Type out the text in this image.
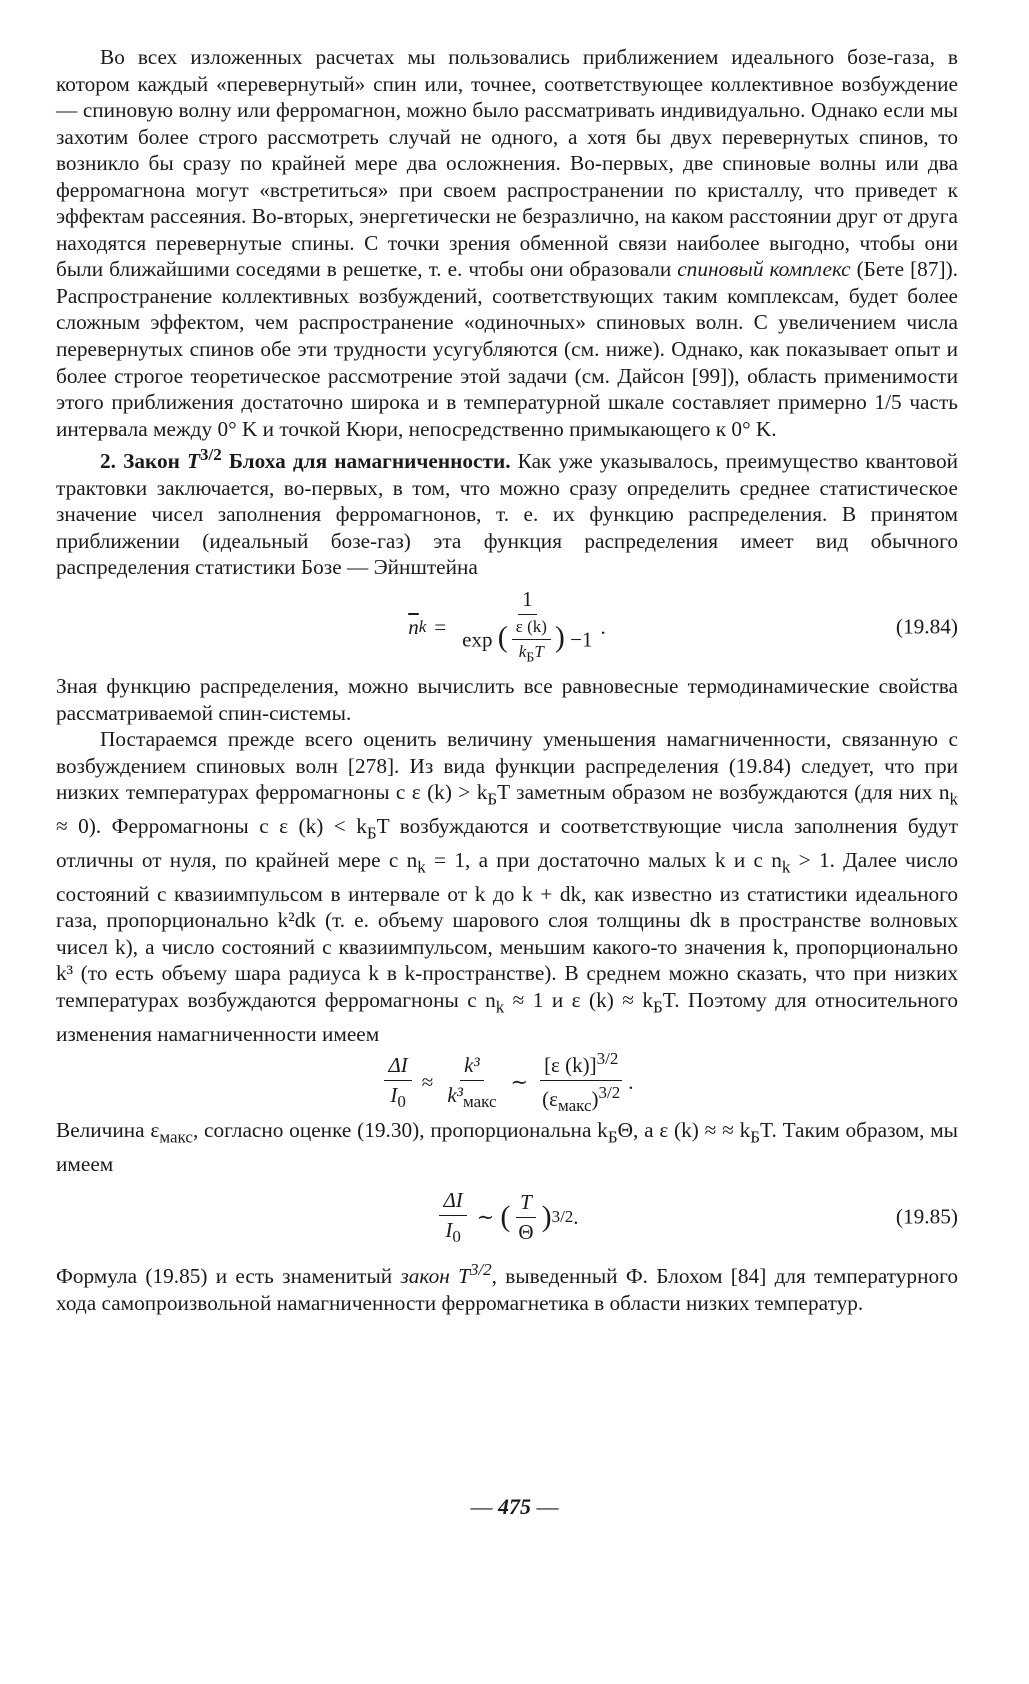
Во всех изложенных расчетах мы пользовались приближением идеального бозе-газа, в котором каждый «перевернутый» спин или, точнее, соответствующее коллективное возбуждение — спиновую волну или ферромагнон, можно было рассматривать индивидуально. Однако если мы захотим более строго рассмотреть случай не одного, а хотя бы двух перевернутых спинов, то возникло бы сразу по крайней мере два осложнения. Во-первых, две спиновые волны или два ферромагнона могут «встретиться» при своем распространении по кристаллу, что приведет к эффектам рассеяния. Во-вторых, энергетически не безразлично, на каком расстоянии друг от друга находятся перевернутые спины. С точки зрения обменной связи наиболее выгодно, чтобы они были ближайшими соседями в решетке, т. е. чтобы они образовали спиновый комплекс (Бете [87]). Распространение коллективных возбуждений, соответствующих таким комплексам, будет более сложным эффектом, чем распространение «одиночных» спиновых волн. С увеличением числа перевернутых спинов обе эти трудности усугубляются (см. ниже). Однако, как показывает опыт и более строгое теоретическое рассмотрение этой задачи (см. Дайсон [99]), область применимости этого приближения достаточно широка и в температурной шкале составляет примерно 1/5 часть интервала между 0° K и точкой Кюри, непосредственно примыкающего к 0° K.

2. Закон $T^{3/2}$ Блоха для намагниченности. Как уже указывалось, преимущество квантовой трактовки заключается, во-первых, в том, что можно сразу определить среднее статистическое значение чисел заполнения ферромагнонов, т. е. их функцию распределения. В принятом приближении (идеальный бозе-газ) эта функция распределения имеет вид обычного распределения статистики Бозе — Эйнштейна

$\overline{n}$ $k = \frac{1}{\exp ( \frac{\varepsilon (k)}{k_БT} ) -1}$ .	(19.84)

Зная функцию распределения, можно вычислить все равновесные термодинамические свойства рассматриваемой спин-системы.

Постараемся прежде всего оценить величину уменьшения намагниченности, связанную с возбуждением спиновых волн [278]. Из вида функции распределения (19.84) следует, что при низких температурах ферромагноны с ε $(k) > k_БT$ заметным образом не возбуждаются (для них $n_k \approx 0$). Ферромагноны с ε $(k) < k_БT$ возбуждаются и соответствующие числа заполнения будут отличны от нуля, по крайней мере с $n_k = 1$, а при достаточно малых k и с $n_k > 1$. Далее число состояний с квазиимпульсом в интервале от k до k + dk, как известно из статистики идеального газа, пропорционально k²dk (т. е. объему шарового слоя толщины dk в пространстве волновых чисел k), а число состояний с квазиимпульсом, меньшим какого-то значения k, пропорционально k³ (то есть объему шара радиуса k в k-пространстве). В среднем можно сказать, что при низких температурах возбуждаются ферромагноны с $n_k \approx 1$ и ε $(k) \approx k_БT$. Поэтому для относительного изменения намагниченности имеем

$\frac{\Delta I}{I_0} \approx \frac{\text{k³}}{k^3_{макс}}$ ∼ $\frac{[\varepsilon (k)]^{3/2}}{(\varepsilon_{макс})^{3/2}}$ .

Величина $\varepsilon_{макс}$, согласно оценке (19.30), пропорциональна $k_Б\Theta$, а ε (k) ≈ ≈ $k_БT$. Таким образом, мы имеем

$\frac{\Delta I}{I_0}$ ∼ ( $\frac{T}{\Theta}$ ) 3/2 .	(19.85)

Формула (19.85) и есть знаменитый закон $T^{3/2}$, выведенный Ф. Блохом [84] для температурного хода самопроизвольной намагниченности ферромагнетика в области низких температур.

— 475 —
